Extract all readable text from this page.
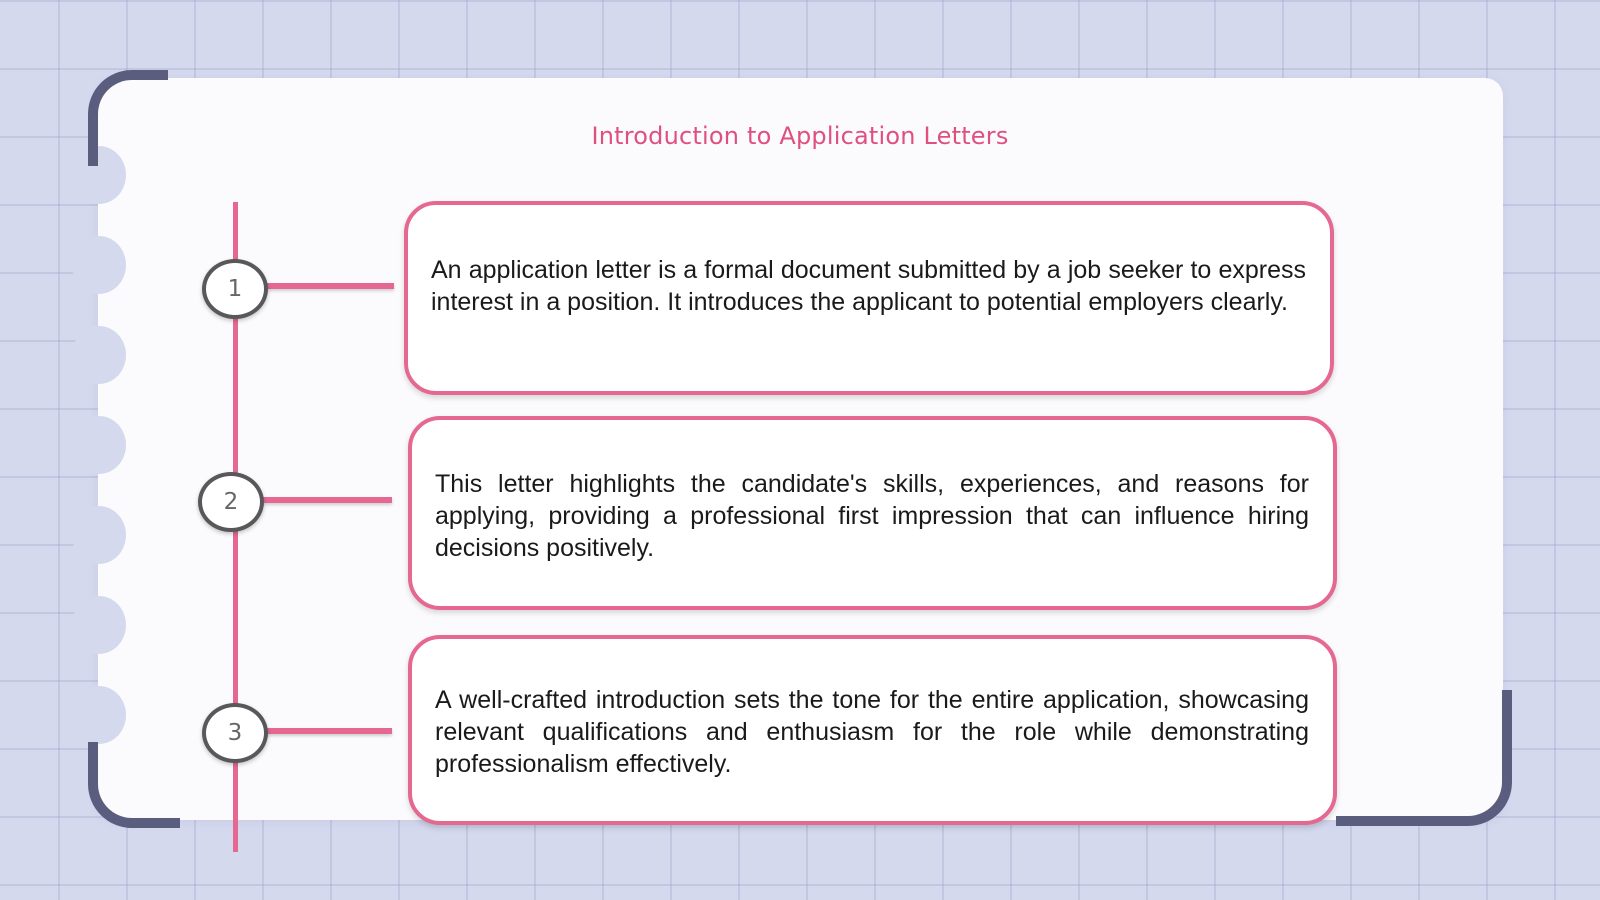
Introduction to Application Letters
1
2
3
An application letter is a formal document submitted by a job seeker to express interest in a position. It introduces the applicant to potential employers clearly.
This letter highlights the candidate's skills, experiences, and reasons for applying, providing a professional first impression that can influence hiring decisions positively.
A well-crafted introduction sets the tone for the entire application, showcasing relevant qualifications and enthusiasm for the role while demonstrating professionalism effectively.
